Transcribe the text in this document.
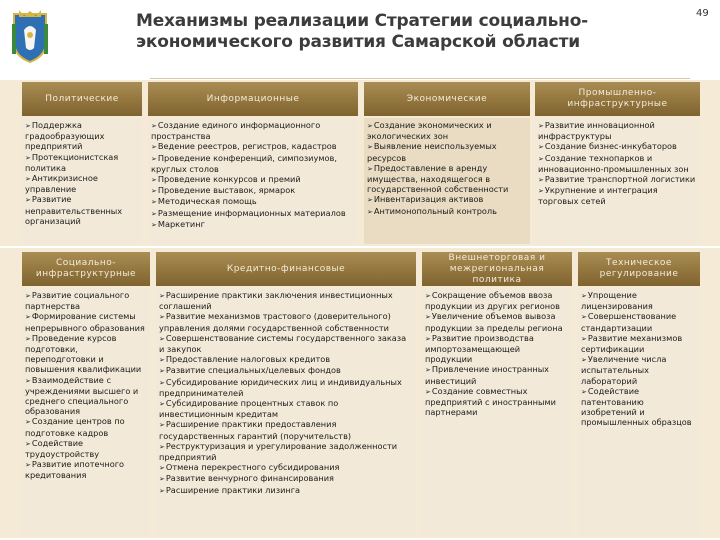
49
Механизмы реализации Стратегии социально-
экономического развития Самарской области
Политические	Информационные	Экономические
Промышленно-инфраструктурные
➢ Поддержка градообразующих предприятий
➢ Протекционистская политика
➢ Антикризисное управление
➢ Развитие неправительственных организаций
➢ Создание единого информационного пространства
➢ Ведение реестров, регистров, кадастров
➢ Проведение конференций, симпозиумов, круглых столов
➢ Проведение конкурсов и премий
➢ Проведение выставок, ярмарок
➢ Методическая помощь
➢ Размещение информационных материалов
➢ Маркетинг
➢ Создание экономических и экологических зон
➢ Выявление неиспользуемых ресурсов
➢ Предоставление в аренду имущества, находящегося в государственной собственности
➢ Инвентаризация активов
➢ Антимонопольный контроль
➢ Развитие инновационной инфраструктуры
➢ Создание бизнес-инкубаторов
➢ Создание технопарков и инновационно-промышленных зон
➢ Развитие транспортной логистики
➢ Укрупнение и интеграция торговых сетей
Социально-инфраструктурные
Кредитно-финансовые
Внешнеторговая и межрегиональная политика
Техническое регулирование
➢ Развитие социального партнерства
➢ Формирование системы непрерывного образования
➢ Проведение курсов подготовки, переподготовки и повышения квалификации
➢ Взаимодействие с учреждениями высшего и среднего специального образования
➢ Создание центров по подготовке кадров
➢ Содействие трудоустройству
➢ Развитие ипотечного кредитования
➢ Расширение практики заключения инвестиционных соглашений
➢ Развитие механизмов трастового (доверительного) управления долями государственной собственности
➢ Совершенствование системы государственного заказа и закупок
➢ Предоставление налоговых кредитов
➢ Развитие специальных/целевых фондов
➢ Субсидирование юридических лиц и индивидуальных предпринимателей
➢ Субсидирование процентных ставок по инвестиционным кредитам
➢ Расширение практики предоставления государственных гарантий (поручительств)
➢ Реструктуризация и урегулирование задолженности предприятий
➢ Отмена перекрестного субсидирования
➢ Развитие венчурного финансирования
➢ Расширение практики лизинга
➢ Сокращение объемов ввоза продукции из других регионов
➢ Увеличение объемов вывоза продукции за пределы региона
➢ Развитие производства импортозамещающей продукции
➢ Привлечение иностранных инвестиций
➢ Создание совместных предприятий с иностранными партнерами
➢ Упрощение лицензирования
➢ Совершенствование стандартизации
➢ Развитие механизмов сертификации
➢ Увеличение числа испытательных лабораторий
➢ Содействие патентованию изобретений и промышленных образцов
